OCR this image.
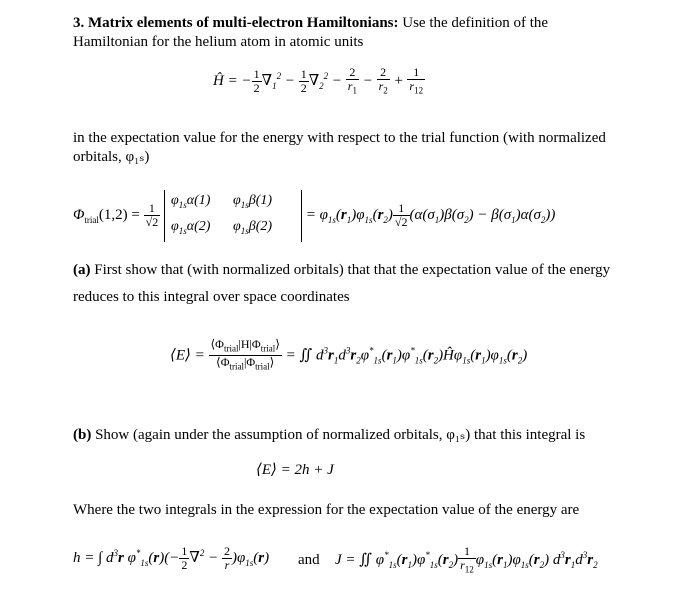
3. Matrix elements of multi-electron Hamiltonians: Use the definition of the
Hamiltonian for the helium atom in atomic units
Ĥ = − $\frac{1}{2} \nabla_1^2 - \frac{1}{2} \nabla_2^2 - \frac{2}{r_1} - \frac{2}{r_2} + \frac{1}{r_{12}}$
in the expectation value for the energy with respect to the trial function (with normalized
orbitals, φ₁ₛ)
$\Phi_{trial}(1,2) = \frac{1}{√2}$

$\varphi_{1s}\alpha(1)$ $\varphi_{1s}\beta(1)$
$\varphi_{1s}\alpha(2)$ $\varphi_{1s}\beta(2)$
= $\varphi_{1s}(r_1)\varphi_{1s}(r_2) \frac{1}{√2} (\alpha(\sigma_1)\beta(\sigma_2) - \beta(\sigma_1)\alpha(\sigma_2))$
(a) First show that (with normalized orbitals) that that the expectation value of the energy
reduces to this integral over space coordinates
⟨E⟩ = $\frac{⟨\Phi_{trial}|H|\Phi_{trial}⟩}{⟨\Phi_{trial}|\Phi_{trial}⟩}$ = ∬ $d^3r_1d^3r_2\varphi^*_{1s}(r_1)\varphi^*_{1s}(r_2)Ĥ\varphi_{1s}(r_1)\varphi_{1s}(r_2)$
(b) Show (again under the assumption of normalized orbitals, φ₁ₛ) that this integral is
⟨E⟩ = 2h + J
Where the two integrals in the expression for the expectation value of the energy are
h = ∫ $d^3r$ $\varphi^*_{1s}(r)(- \frac{1}{2} \nabla^2 - \frac{2}{r} )\varphi_{1s}(r)$ and J = ∬ $\varphi^*_{1s}(r_1)\varphi^*_{1s}(r_2) \frac{1}{r_{12}} \varphi_{1s}(r_1)\varphi_{1s}(r_2)$ $d^3r_1d^3r_2$
